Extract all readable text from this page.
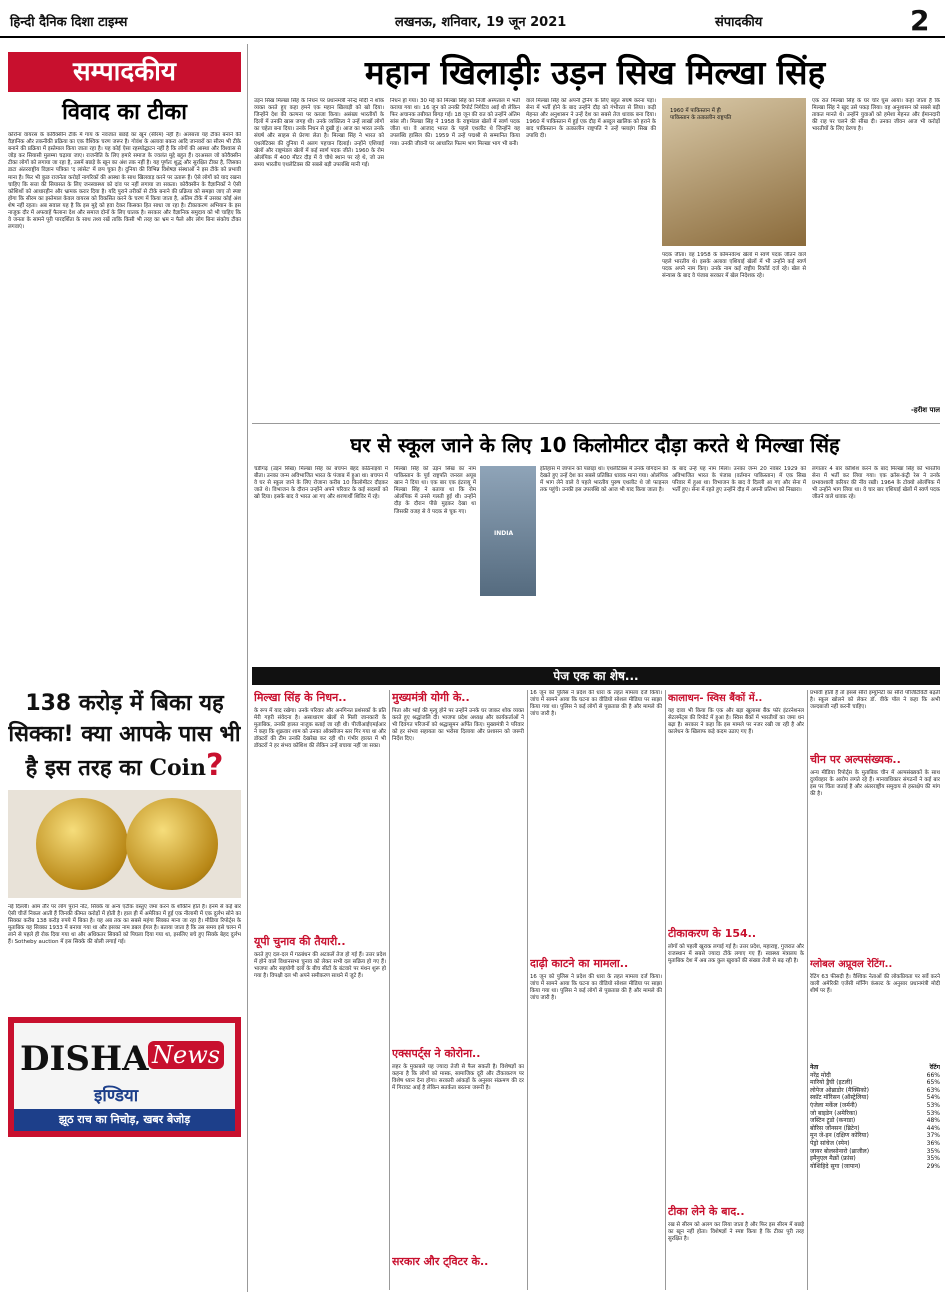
हिन्दी दैनिक दिशा टाइम्स	लखनऊ, शनिवार, 19 जून 2021	संपादकीय	2
सम्पादकीय
विवाद का टीका
कोरोना वायरस के कोवैक्सीन टीके में गाय के नवजात बछड़े का खून (सीरम) नहीं है। अलबत्ता यह टीका बनाने की वैज्ञानिक और तकनीकी प्रक्रिया का एक वैश्विक चरण जरूर है। गोवंश के अलावा बकरा आदि जानवरों का सीरम भी टीके बनाने की प्रक्रिया में इस्तेमाल किया जाता रहा है। यह कोई ऐसा रहस्योद्घाटन नहीं है कि लोगों की आस्था और विश्वास से जोड़ कर सियासी मुलम्मा चढ़ाया जाए। राजनीति के लिए हमारे समाज के ज्वलंत मुद्दे बहुत हैं। दरअसल जो कोवैक्सीन टीका लोगों को लगाया जा रहा है, उसमें बछड़े के खून का अंश तक नहीं है। यह पूर्णतः शुद्ध और सुरक्षित टीका है, जिसका डाटा अंतरराष्ट्रीय विज्ञान पत्रिका 'द लांसेट' में छप चुका है। दुनिया की विभिन्न विशेषज्ञ संस्थाओं ने इस टीके को प्रभावी माना है। फिर भी कुछ राजनेता करोड़ों नागरिकों की आस्था के साथ खिलवाड़ करने पर उतारू हैं। ऐसे लोगों को याद रखना चाहिए कि सत्ता की सियासत के लिए जनस्वास्थ्य को दांव पर नहीं लगाया जा सकता। कोवैक्सीन के वैज्ञानिकों ने ऐसी कोशिशों को आधारहीन और भ्रामक करार दिया है। यदि पुराने तरीकों से टीके बनाने की प्रक्रिया को समझा जाए तो स्पष्ट होगा कि सीरम का इस्तेमाल केवल वायरस को विकसित करने के चरण में किया जाता है, अंतिम टीके में उसका कोई अंश शेष नहीं रहता। अब सवाल यह है कि इस मुद्दे को हवा देकर किसका हित साधा जा रहा है। टीकाकरण अभियान के इस नाजुक दौर में अफवाहें फैलाना देश और समाज दोनों के लिए घातक है। सरकार और वैज्ञानिक समुदाय को भी चाहिए कि वे जनता के सामने पूरी पारदर्शिता के साथ तथ्य रखें ताकि किसी भी तरह का भ्रम न फैले और लोग बिना संकोच टीका लगवाएं।
138 करोड़ में बिका यह
सिक्का! क्या आपके पास भी
है इस तरह का Coin?
नई दिल्ली। आम तौर पर लोग पुराने नोट, सिक्के या अन्य एंटीक वस्तुएं जमा करने के शौकीन होते हैं। इनमें से कई बार ऐसी चीजें निकल आती हैं जिनकी कीमत करोड़ों में होती है। हाल ही में अमेरिका में हुई एक नीलामी में एक दुर्लभ सोने का सिक्का करीब 138 करोड़ रुपये में बिका है। यह अब तक का सबसे महंगा सिक्का माना जा रहा है। मीडिया रिपोर्ट्स के मुताबिक यह सिक्का 1933 में बनाया गया था और इसका नाम डबल ईगल है। बताया जाता है कि उस समय इसे चलन में लाने से पहले ही रोक दिया गया था और अधिकतर सिक्कों को पिघला दिया गया था, इसलिए बचे हुए सिक्के बेहद दुर्लभ हैं। Sotheby auction में इस सिक्के की बोली लगाई गई।
DISHA News
इण्डिया
झूठ राच का निचोड़, खबर बेजोड़
महान खिलाड़ीः उड़न सिख मिल्खा सिंह
उड़न सिख मिल्खा सिंह के निधन पर प्रधानमंत्री नरेन्द्र मोदी ने शोक व्यक्त करते हुए कहा हमने एक महान खिलाड़ी को खो दिया। जिन्होंने देश की कल्पना पर कब्जा किया। असंख्य भारतीयों के दिलों में उनकी खास जगह थी। उनके व्यक्तित्व ने उन्हें लाखों लोगों का चहेता बना दिया। उनके निधन से दुखी हूं। आज का भारत उनके संघर्ष और साहस से प्रेरणा लेता है। मिल्खा सिंह ने भारत को एथलेटिक्स की दुनिया में अलग पहचान दिलाई। उन्होंने एशियाई खेलों और राष्ट्रमंडल खेलों में कई स्वर्ण पदक जीते। 1960 के रोम ओलंपिक में 400 मीटर दौड़ में वे चौथे स्थान पर रहे थे, जो उस समय भारतीय एथलेटिक्स की सबसे बड़ी उपलब्धि मानी गई।
निधन हो गया। 30 मई को मिल्खा सिंह को निजी अस्पताल में भर्ती कराया गया था। 16 जून को उनकी रिपोर्ट निगेटिव आई थी लेकिन फिर अचानक तबीयत बिगड़ गई। 18 जून की रात को उन्होंने अंतिम सांस ली। मिल्खा सिंह ने 1958 के राष्ट्रमंडल खेलों में स्वर्ण पदक जीता था। वे आजाद भारत के पहले एथलीट थे जिन्होंने यह उपलब्धि हासिल की। 1959 में उन्हें पद्मश्री से सम्मानित किया गया। उनकी जीवनी पर आधारित फिल्म भाग मिल्खा भाग भी बनी।
वाले मिल्खा सिंह को अपनी ट्रेनिंग के लिए बहुत संघर्ष करना पड़ा। सेना में भर्ती होने के बाद उन्होंने दौड़ को गंभीरता से लिया। कड़ी मेहनत और अनुशासन ने उन्हें देश का सबसे तेज धावक बना दिया। 1960 में पाकिस्तान में हुई एक दौड़ में अब्दुल खालिक को हराने के बाद पाकिस्तान के तत्कालीन राष्ट्रपति ने उन्हें फ्लाइंग सिख की उपाधि दी।
1960 में पाकिस्तान में ही पाकिस्तान के तत्कालीन राष्ट्रपति
पदक जीता। वह 1958 के कॉमनवेल्थ खेलों में स्वर्ण पदक जीतने वाले पहले भारतीय थे। इसके अलावा एशियाई खेलों में भी उन्होंने कई स्वर्ण पदक अपने नाम किए। उनके नाम कई राष्ट्रीय रिकॉर्ड दर्ज रहे। खेल से संन्यास के बाद वे पंजाब सरकार में खेल निदेशक रहे।
एक रात मिल्खा सिंह के घर चोर घुस आया। कहा जाता है कि मिल्खा सिंह ने खुद उसे पकड़ लिया। वह अनुशासन को सबसे बड़ी ताकत मानते थे। उन्होंने युवाओं को हमेशा मेहनत और ईमानदारी की राह पर चलने की सीख दी। उनका जीवन आज भी करोड़ों भारतीयों के लिए प्रेरणा है।
-हरीश पाल
घर से स्कूल जाने के लिए 10 किलोमीटर दौड़ा करते थे मिल्खा सिंह
चंडीगढ़ (उड़न सिख) मिल्खा सिंह का बचपन बेहद कठिनाइयों में बीता। उनका जन्म अविभाजित भारत के पंजाब में हुआ था। बचपन में वे घर से स्कूल जाने के लिए रोजाना करीब 10 किलोमीटर दौड़कर जाते थे। विभाजन के दौरान उन्होंने अपने परिवार के कई सदस्यों को खो दिया। इसके बाद वे भारत आ गए और शरणार्थी शिविर में रहे।
मिल्खा सिंह को उड़न सिख का नाम पाकिस्तान के पूर्व राष्ट्रपति जनरल अयूब खान ने दिया था। एक बार एक इंटरव्यू में मिल्खा सिंह ने बताया था कि रोम ओलंपिक में उनसे गलती हुई थी। उन्होंने दौड़ के दौरान पीछे मुड़कर देखा था जिसकी वजह से वे पदक से चूक गए।
INDIA
इतिहास में जापान को पछाड़ा था। एथलेटिक्स में उनके योगदान को देखते हुए उन्हें देश का सबसे प्रतिष्ठित धावक माना गया। ओलंपिक में भाग लेने वाले वे पहले भारतीय पुरुष एथलीट थे जो फाइनल तक पहुंचे। उनकी इस उपलब्धि को आज भी याद किया जाता है।
के बाद उन्हें यह नाम मिला। उनका जन्म 20 नवंबर 1929 को अविभाजित भारत के पंजाब (वर्तमान पाकिस्तान) में एक सिख परिवार में हुआ था। विभाजन के बाद वे दिल्ली आ गए और सेना में भर्ती हुए। सेना में रहते हुए उन्होंने दौड़ में अपनी प्रतिभा को निखारा।
लगातार 4 बार कोशिश करने के बाद मिल्खा सिंह को भारतीय सेना में भर्ती कर लिया गया। एक क्रॉस-कंट्री रेस ने उनके प्रभावशाली करियर की नींव रखी। 1964 के टोक्यो ओलंपिक में भी उन्होंने भाग लिया था। वे चार बार एशियाई खेलों में स्वर्ण पदक जीतने वाले धावक रहे।
पेज एक का शेष...
मिल्खा सिंह के निधन..
के रूप में याद रखेगा। उनके परिवार और अनगिनत प्रशंसकों के प्रति मेरी गहरी संवेदना है। असाधारण खेलों से मिली जानकारी के मुताबिक, उनकी हालत नाजुक बताई जा रही थी। पीजीआईएमईआर ने कहा कि शुक्रवार शाम को उनका ऑक्सीजन स्तर गिर गया था और डॉक्टरों की टीम उनकी देखरेख कर रही थी। गंभीर हालत में भी डॉक्टरों ने हर संभव कोशिश की लेकिन उन्हें बचाया नहीं जा सका।
यूपी चुनाव की तैयारी..
करते हुए दल-दल में गठबंधन की अटकलें तेज हो गई हैं। उत्तर प्रदेश में होने वाले विधानसभा चुनाव को लेकर सभी दल सक्रिय हो गए हैं। भाजपा और सहयोगी दलों के बीच सीटों के बंटवारे पर मंथन शुरू हो गया है। विपक्षी दल भी अपने समीकरण साधने में जुटे हैं।
मुख्यमंत्री योगी के..
पिता और भाई की मृत्यु होने पर उन्होंने उनके घर जाकर शोक व्यक्त करते हुए श्रद्धांजलि दी। भाजपा प्रदेश अध्यक्ष और कार्यकर्ताओं ने भी दिवंगत परिजनों को श्रद्धासुमन अर्पित किए। मुख्यमंत्री ने परिवार को हर संभव सहायता का भरोसा दिलाया और प्रशासन को जरूरी निर्देश दिए।
एक्सपर्ट्स ने कोरोना..
लहर के मुकाबले यह ज्यादा तेजी से फैल सकती है। विशेषज्ञों का कहना है कि लोगों को मास्क, सामाजिक दूरी और टीकाकरण पर विशेष ध्यान देना होगा। सरकारी आंकड़ों के अनुसार संक्रमण की दर में गिरावट आई है लेकिन सतर्कता बरतना जरूरी है।
सरकार और ट्विटर के..
16 जून को पुलिस ने प्रदेश की धारा के तहत मामला दर्ज किया। जांच में सामने आया कि घटना का वीडियो सोशल मीडिया पर साझा किया गया था। पुलिस ने कई लोगों से पूछताछ की है और मामले की जांच जारी है।
दाढ़ी काटने का मामला..
16 जून को पुलिस ने प्रदेश की धारा के तहत मामला दर्ज किया। जांच में सामने आया कि घटना का वीडियो सोशल मीडिया पर साझा किया गया था। पुलिस ने कई लोगों से पूछताछ की है और मामले की जांच जारी है।
कालाधन- स्विस बैंकों में..
यह दावा भी किया कि एक और बड़ा खुलासा बैंक फॉर इंटरनेशनल सेटलमेंट्स की रिपोर्ट में हुआ है। स्विस बैंकों में भारतीयों का जमा धन बढ़ा है। सरकार ने कहा कि इस मामले पर नजर रखी जा रही है और कालेधन के खिलाफ कड़े कदम उठाए गए हैं।
टीकाकरण के 154..
लोगों को पहली खुराक लगाई गई है। उत्तर प्रदेश, महाराष्ट्र, गुजरात और राजस्थान में सबसे ज्यादा टीके लगाए गए हैं। स्वास्थ्य मंत्रालय के मुताबिक देश में अब तक कुल खुराकों की संख्या तेजी से बढ़ रही है।
टीका लेने के बाद..
रख से सीरम को अलग कर लिया जाता है और फिर इस सीरम में बछड़े का खून नहीं होता। विशेषज्ञों ने स्पष्ट किया है कि टीका पूरी तरह सुरक्षित है।
प्रभावी होती है तो इससे सीरो इम्युनिटी का सीरो पॉजिटिविटी बढ़ती है। स्कूल खोलने को लेकर डॉ. वीके पॉल ने कहा कि अभी जल्दबाजी नहीं करनी चाहिए।
चीन पर अल्पसंख्यक..
अन्य मीडिया रिपोर्ट्स के मुताबिक चीन में अल्पसंख्यकों के साथ दुर्व्यवहार के आरोप लगते रहे हैं। मानवाधिकार संगठनों ने कई बार इस पर चिंता जताई है और अंतरराष्ट्रीय समुदाय से हस्तक्षेप की मांग की है।
ग्लोबल अप्रूवल रेटिंग..
रेटिंग 63 फीसदी है। वैश्विक नेताओं की लोकप्रियता पर सर्वे करने वाली अमेरिकी एजेंसी मॉर्निंग कंसल्ट के अनुसार प्रधानमंत्री मोदी शीर्ष पर हैं।
नेता	रेटिंग
नरेंद्र मोदी	66%
मारियो ड्रैघी (इटली)	65%
लोपेज ओब्राडोर (मैक्सिको)	63%
स्कॉट मॉरिसन (ऑस्ट्रेलिया)	54%
एंजेला मर्केल (जर्मनी)	53%
जो बाइडेन (अमेरिका)	53%
जस्टिन ट्रूडो (कनाडा)	48%
बोरिस जॉनसन (ब्रिटेन)	44%
मून जे-इन (दक्षिण कोरिया)	37%
पेड्रो सांचेज (स्पेन)	36%
जायर बोलसोनारो (ब्राजील)	35%
इमैनुएल मैक्रों (फ्रांस)	35%
योशिहिदे सुगा (जापान)	29%
